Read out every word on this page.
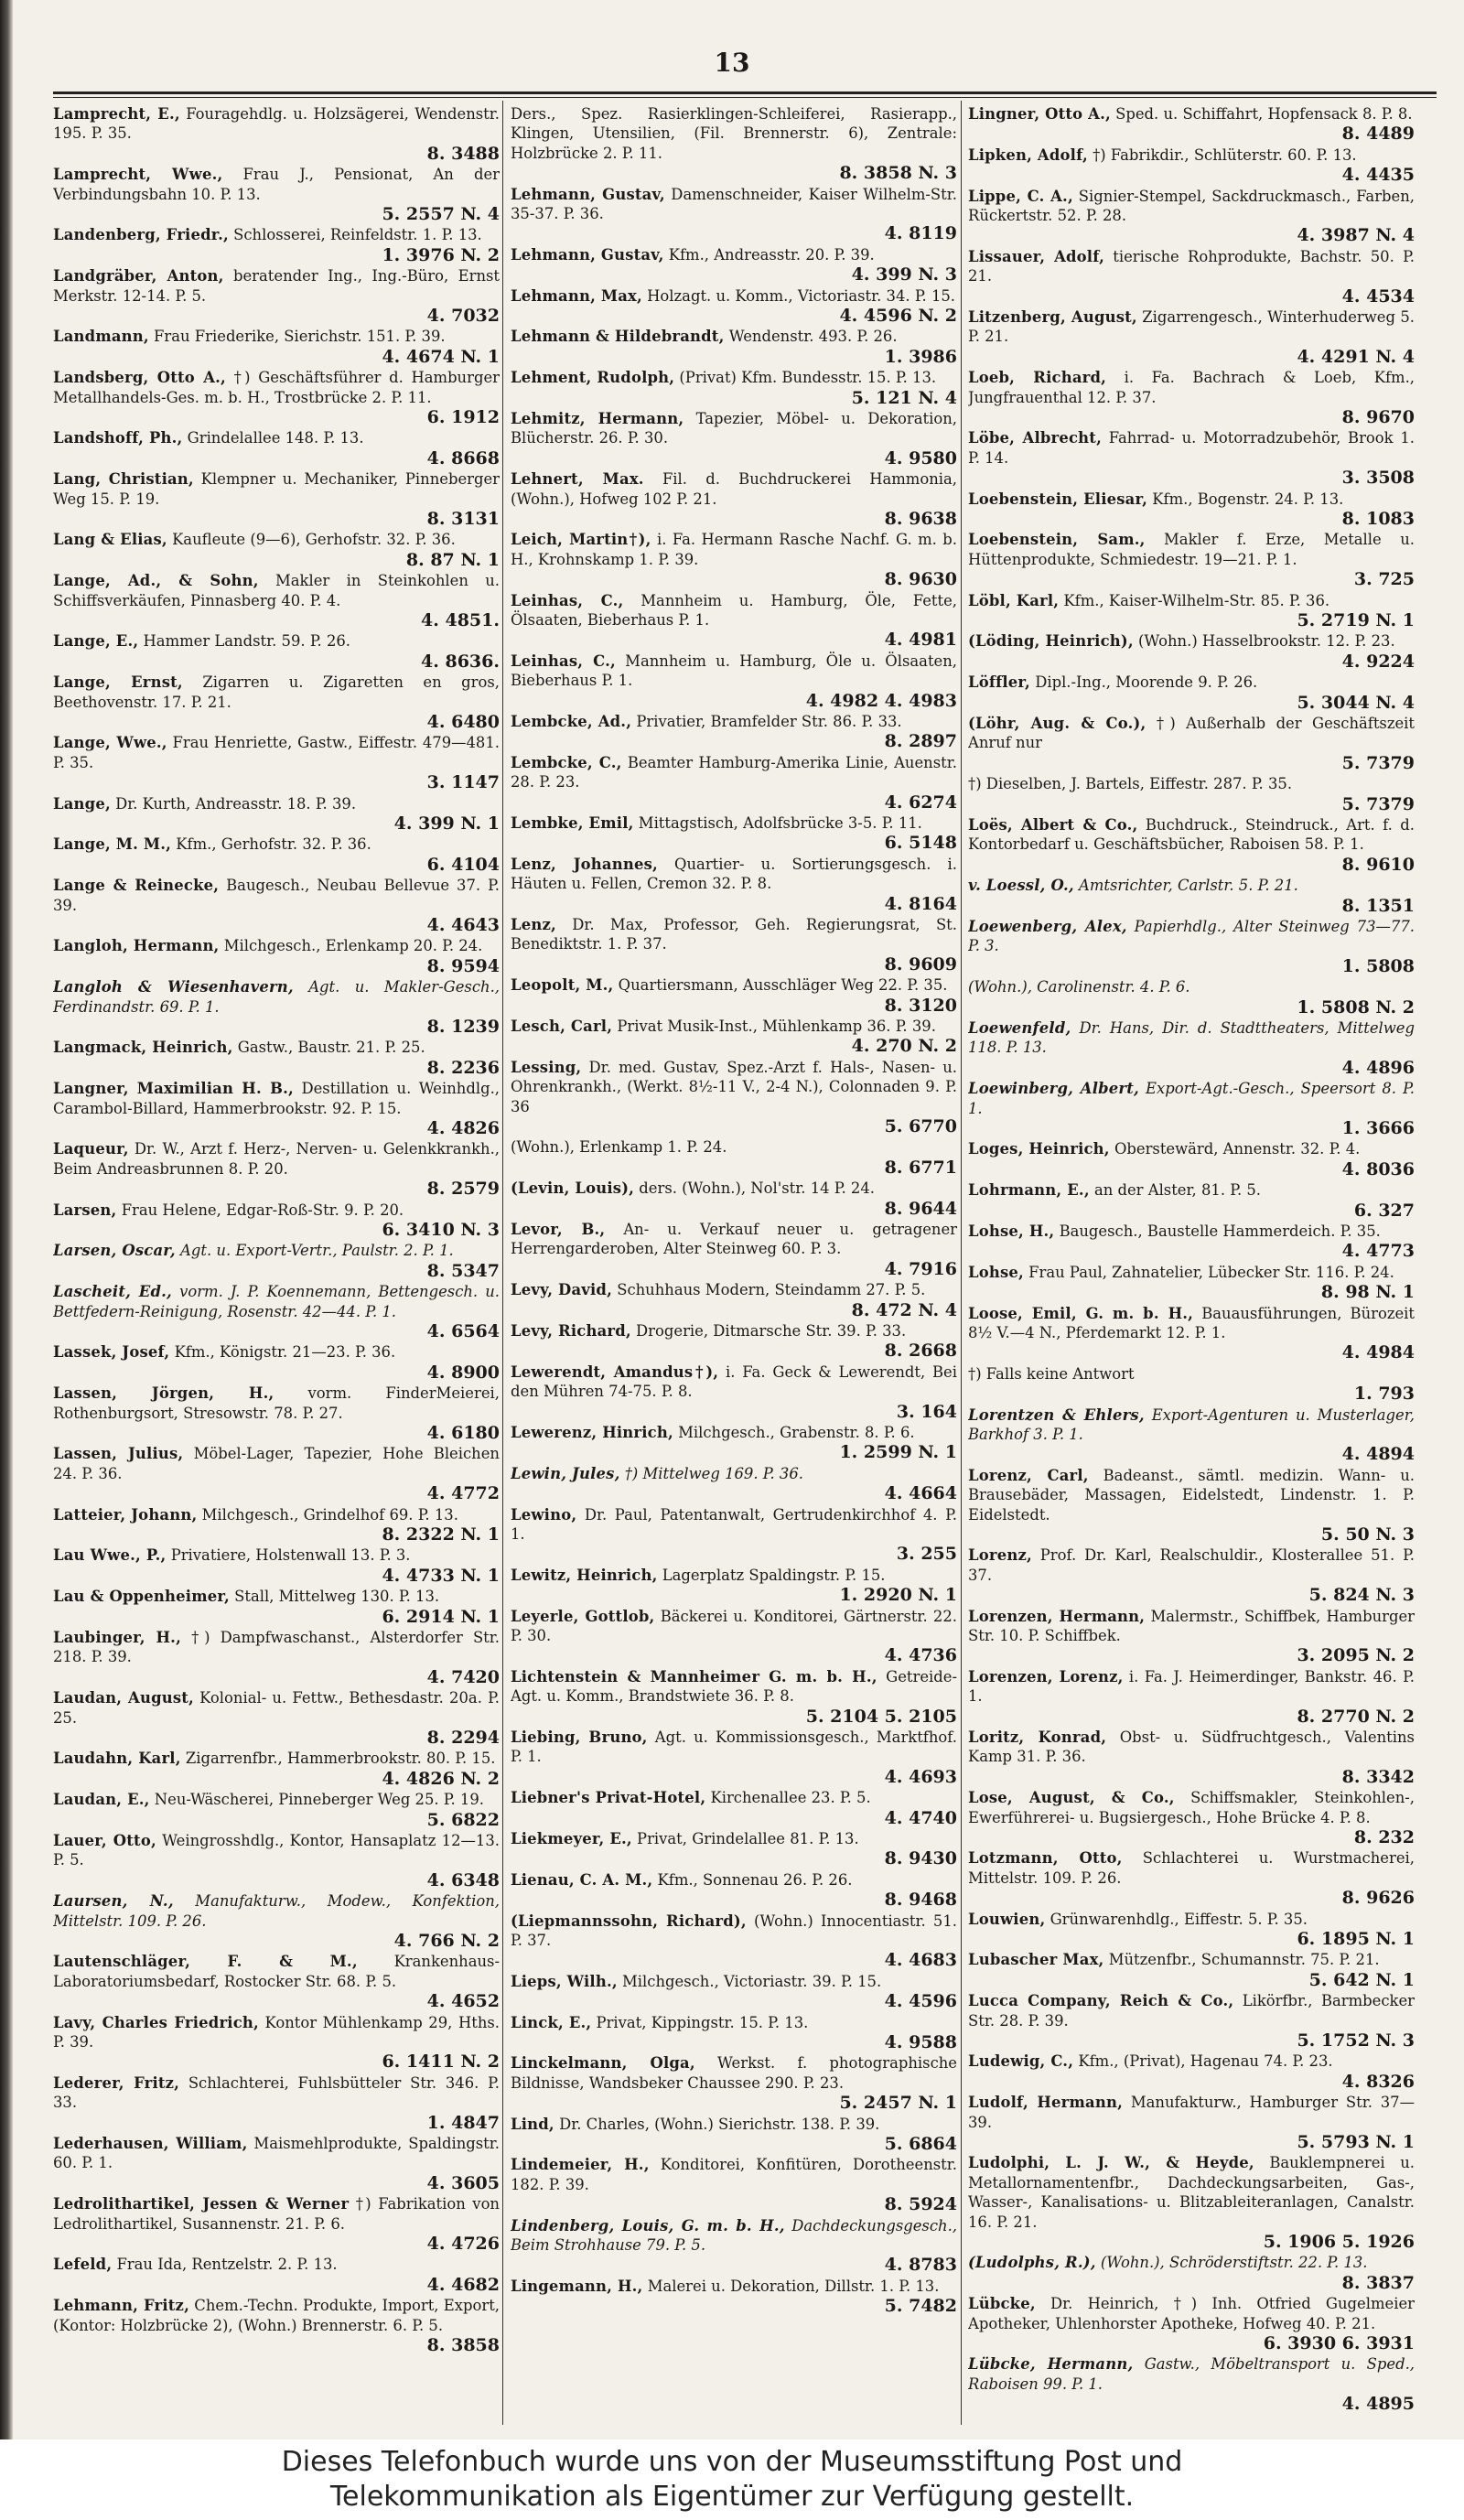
13
Lamprecht, E., Fouragehdlg. u. Holzsägerei, Wendenstr. 195. P. 35.
8. 3488
Lamprecht, Wwe., Frau J., Pensionat, An der Verbindungsbahn 10. P. 13.
5. 2557 N. 4
Landenberg, Friedr., Schlosserei, Reinfeldstr. 1. P. 13.
1. 3976 N. 2
Landgräber, Anton, beratender Ing., Ing.-Büro, Ernst Merkstr. 12-14. P. 5.
4. 7032
Landmann, Frau Friederike, Sierichstr. 151. P. 39.
4. 4674 N. 1
Landsberg, Otto A., †) Geschäftsführer d. Hamburger Metallhandels-Ges. m. b. H., Trostbrücke 2. P. 11.
6. 1912
Landshoff, Ph., Grindelallee 148. P. 13.
4. 8668
Lang, Christian, Klempner u. Mechaniker, Pinneberger Weg 15. P. 19.
8. 3131
Lang & Elias, Kaufleute (9—6), Gerhofstr. 32. P. 36.
8. 87 N. 1
Lange, Ad., & Sohn, Makler in Steinkohlen u. Schiffsverkäufen, Pinnasberg 40. P. 4.
4. 4851.
Lange, E., Hammer Landstr. 59. P. 26.
4. 8636.
Lange, Ernst, Zigarren u. Zigaretten en gros, Beethovenstr. 17. P. 21.
4. 6480
Lange, Wwe., Frau Henriette, Gastw., Eiffestr. 479—481. P. 35.
3. 1147
Lange, Dr. Kurth, Andreasstr. 18. P. 39.
4. 399 N. 1
Lange, M. M., Kfm., Gerhofstr. 32. P. 36.
6. 4104
Lange & Reinecke, Baugesch., Neubau Bellevue 37. P. 39.
4. 4643
Langloh, Hermann, Milchgesch., Erlenkamp 20. P. 24.
8. 9594
Langloh & Wiesenhavern, Agt. u. Makler-Gesch., Ferdinandstr. 69. P. 1.
8. 1239
Langmack, Heinrich, Gastw., Baustr. 21. P. 25.
8. 2236
Langner, Maximilian H. B., Destillation u. Weinhdlg., Carambol-Billard, Hammerbrookstr. 92. P. 15.
4. 4826
Laqueur, Dr. W., Arzt f. Herz-, Nerven- u. Gelenkkrankh., Beim Andreasbrunnen 8. P. 20.
8. 2579
Larsen, Frau Helene, Edgar-Roß-Str. 9. P. 20.
6. 3410 N. 3
Larsen, Oscar, Agt. u. Export-Vertr., Paulstr. 2. P. 1.
8. 5347
Lascheit, Ed., vorm. J. P. Koennemann, Bettengesch. u. Bettfedern-Reinigung, Rosenstr. 42—44. P. 1.
4. 6564
Lassek, Josef, Kfm., Königstr. 21—23. P. 36.
4. 8900
Lassen, Jörgen, H., vorm. FinderMeierei, Rothenburgsort, Stresowstr. 78. P. 27.
4. 6180
Lassen, Julius, Möbel-Lager, Tapezier, Hohe Bleichen 24. P. 36.
4. 4772
Latteier, Johann, Milchgesch., Grindelhof 69. P. 13.
8. 2322 N. 1
Lau Wwe., P., Privatiere, Holstenwall 13. P. 3.
4. 4733 N. 1
Lau & Oppenheimer, Stall, Mittelweg 130. P. 13.
6. 2914 N. 1
Laubinger, H., †) Dampfwaschanst., Alsterdorfer Str. 218. P. 39.
4. 7420
Laudan, August, Kolonial- u. Fettw., Bethesdastr. 20a. P. 25.
8. 2294
Laudahn, Karl, Zigarrenfbr., Hammerbrookstr. 80. P. 15.
4. 4826 N. 2
Laudan, E., Neu-Wäscherei, Pinneberger Weg 25. P. 19.
5. 6822
Lauer, Otto, Weingrosshdlg., Kontor, Hansaplatz 12—13. P. 5.
4. 6348
Laursen, N., Manufakturw., Modew., Konfektion, Mittelstr. 109. P. 26.
4. 766 N. 2
Lautenschläger, F. & M., Krankenhaus-Laboratoriumsbedarf, Rostocker Str. 68. P. 5.
4. 4652
Lavy, Charles Friedrich, Kontor Mühlenkamp 29, Hths. P. 39.
6. 1411 N. 2
Lederer, Fritz, Schlachterei, Fuhlsbütteler Str. 346. P. 33.
1. 4847
Lederhausen, William, Maismehlprodukte, Spaldingstr. 60. P. 1.
4. 3605
Ledrolithartikel, Jessen & Werner †) Fabrikation von Ledrolithartikel, Susannenstr. 21. P. 6.
4. 4726
Lefeld, Frau Ida, Rentzelstr. 2. P. 13.
4. 4682
Lehmann, Fritz, Chem.-Techn. Produkte, Import, Export, (Kontor: Holzbrücke 2), (Wohn.) Brennerstr. 6. P. 5.
8. 3858
Ders., Spez. Rasierklingen-Schleiferei, Rasierapp., Klingen, Utensilien, (Fil. Brennerstr. 6), Zentrale: Holzbrücke 2. P. 11.
8. 3858 N. 3
Lehmann, Gustav, Damenschneider, Kaiser Wilhelm-Str. 35-37. P. 36.
4. 8119
Lehmann, Gustav, Kfm., Andreasstr. 20. P. 39.
4. 399 N. 3
Lehmann, Max, Holzagt. u. Komm., Victoriastr. 34. P. 15.
4. 4596 N. 2
Lehmann & Hildebrandt, Wendenstr. 493. P. 26.
1. 3986
Lehment, Rudolph, (Privat) Kfm. Bundesstr. 15. P. 13.
5. 121 N. 4
Lehmitz, Hermann, Tapezier, Möbel- u. Dekoration, Blücherstr. 26. P. 30.
4. 9580
Lehnert, Max. Fil. d. Buchdruckerei Hammonia, (Wohn.), Hofweg 102 P. 21.
8. 9638
Leich, Martin†), i. Fa. Hermann Rasche Nachf. G. m. b. H., Krohnskamp 1. P. 39.
8. 9630
Leinhas, C., Mannheim u. Hamburg, Öle, Fette, Ölsaaten, Bieberhaus P. 1.
4. 4981
Leinhas, C., Mannheim u. Hamburg, Öle u. Ölsaaten, Bieberhaus P. 1.
4. 4982 4. 4983
Lembcke, Ad., Privatier, Bramfelder Str. 86. P. 33.
8. 2897
Lembcke, C., Beamter Hamburg-Amerika Linie, Auenstr. 28. P. 23.
4. 6274
Lembke, Emil, Mittagstisch, Adolfsbrücke 3-5. P. 11.
6. 5148
Lenz, Johannes, Quartier- u. Sortierungsgesch. i. Häuten u. Fellen, Cremon 32. P. 8.
4. 8164
Lenz, Dr. Max, Professor, Geh. Regierungsrat, St. Benediktstr. 1. P. 37.
8. 9609
Leopolt, M., Quartiersmann, Ausschläger Weg 22. P. 35.
8. 3120
Lesch, Carl, Privat Musik-Inst., Mühlenkamp 36. P. 39.
4. 270 N. 2
Lessing, Dr. med. Gustav, Spez.-Arzt f. Hals-, Nasen- u. Ohrenkrankh., (Werkt. 8½-11 V., 2-4 N.), Colonnaden 9. P. 36
5. 6770
(Wohn.), Erlenkamp 1. P. 24.
8. 6771
(Levin, Louis), ders. (Wohn.), Nol'str. 14 P. 24.
8. 9644
Levor, B., An- u. Verkauf neuer u. getragener Herrengarderoben, Alter Steinweg 60. P. 3.
4. 7916
Levy, David, Schuhhaus Modern, Steindamm 27. P. 5.
8. 472 N. 4
Levy, Richard, Drogerie, Ditmarsche Str. 39. P. 33.
8. 2668
Lewerendt, Amandus†), i. Fa. Geck & Lewerendt, Bei den Mühren 74-75. P. 8.
3. 164
Lewerenz, Hinrich, Milchgesch., Grabenstr. 8. P. 6.
1. 2599 N. 1
Lewin, Jules, †) Mittelweg 169. P. 36.
4. 4664
Lewino, Dr. Paul, Patentanwalt, Gertrudenkirchhof 4. P. 1.
3. 255
Lewitz, Heinrich, Lagerplatz Spaldingstr. P. 15.
1. 2920 N. 1
Leyerle, Gottlob, Bäckerei u. Konditorei, Gärtnerstr. 22. P. 30.
4. 4736
Lichtenstein & Mannheimer G. m. b. H., Getreide-Agt. u. Komm., Brandstwiete 36. P. 8.
5. 2104 5. 2105
Liebing, Bruno, Agt. u. Kommissionsgesch., Marktfhof. P. 1.
4. 4693
Liebner's Privat-Hotel, Kirchenallee 23. P. 5.
4. 4740
Liekmeyer, E., Privat, Grindelallee 81. P. 13.
8. 9430
Lienau, C. A. M., Kfm., Sonnenau 26. P. 26.
8. 9468
(Liepmannssohn, Richard), (Wohn.) Innocentiastr. 51. P. 37.
4. 4683
Lieps, Wilh., Milchgesch., Victoriastr. 39. P. 15.
4. 4596
Linck, E., Privat, Kippingstr. 15. P. 13.
4. 9588
Linckelmann, Olga, Werkst. f. photographische Bildnisse, Wandsbeker Chaussee 290. P. 23.
5. 2457 N. 1
Lind, Dr. Charles, (Wohn.) Sierichstr. 138. P. 39.
5. 6864
Lindemeier, H., Konditorei, Konfitüren, Dorotheenstr. 182. P. 39.
8. 5924
Lindenberg, Louis, G. m. b. H., Dachdeckungsgesch., Beim Strohhause 79. P. 5.
4. 8783
Lingemann, H., Malerei u. Dekoration, Dillstr. 1. P. 13.
5. 7482
Lingner, Otto A., Sped. u. Schiffahrt, Hopfensack 8. P. 8.
8. 4489
Lipken, Adolf, †) Fabrikdir., Schlüterstr. 60. P. 13.
4. 4435
Lippe, C. A., Signier-Stempel, Sackdruckmasch., Farben, Rückertstr. 52. P. 28.
4. 3987 N. 4
Lissauer, Adolf, tierische Rohprodukte, Bachstr. 50. P. 21.
4. 4534
Litzenberg, August, Zigarrengesch., Winterhuderweg 5. P. 21.
4. 4291 N. 4
Loeb, Richard, i. Fa. Bachrach & Loeb, Kfm., Jungfrauenthal 12. P. 37.
8. 9670
Löbe, Albrecht, Fahrrad- u. Motorradzubehör, Brook 1. P. 14.
3. 3508
Loebenstein, Eliesar, Kfm., Bogenstr. 24. P. 13.
8. 1083
Loebenstein, Sam., Makler f. Erze, Metalle u. Hüttenprodukte, Schmiedestr. 19—21. P. 1.
3. 725
Löbl, Karl, Kfm., Kaiser-Wilhelm-Str. 85. P. 36.
5. 2719 N. 1
(Löding, Heinrich), (Wohn.) Hasselbrookstr. 12. P. 23.
4. 9224
Löffler, Dipl.-Ing., Moorende 9. P. 26.
5. 3044 N. 4
(Löhr, Aug. & Co.), †) Außerhalb der Geschäftszeit Anruf nur
5. 7379
†) Dieselben, J. Bartels, Eiffestr. 287. P. 35.
5. 7379
Loës, Albert & Co., Buchdruck., Steindruck., Art. f. d. Kontorbedarf u. Geschäftsbücher, Raboisen 58. P. 1.
8. 9610
v. Loessl, O., Amtsrichter, Carlstr. 5. P. 21.
8. 1351
Loewenberg, Alex, Papierhdlg., Alter Steinweg 73—77. P. 3.
1. 5808
(Wohn.), Carolinenstr. 4. P. 6.
1. 5808 N. 2
Loewenfeld, Dr. Hans, Dir. d. Stadttheaters, Mittelweg 118. P. 13.
4. 4896
Loewinberg, Albert, Export-Agt.-Gesch., Speersort 8. P. 1.
1. 3666
Loges, Heinrich, Oberstewärd, Annenstr. 32. P. 4.
4. 8036
Lohrmann, E., an der Alster, 81. P. 5.
6. 327
Lohse, H., Baugesch., Baustelle Hammerdeich. P. 35.
4. 4773
Lohse, Frau Paul, Zahnatelier, Lübecker Str. 116. P. 24.
8. 98 N. 1
Loose, Emil, G. m. b. H., Bauausführungen, Bürozeit 8½ V.—4 N., Pferdemarkt 12. P. 1.
4. 4984
†) Falls keine Antwort
1. 793
Lorentzen & Ehlers, Export-Agenturen u. Musterlager, Barkhof 3. P. 1.
4. 4894
Lorenz, Carl, Badeanst., sämtl. medizin. Wann- u. Brausebäder, Massagen, Eidelstedt, Lindenstr. 1. P. Eidelstedt.
5. 50 N. 3
Lorenz, Prof. Dr. Karl, Realschuldir., Klosterallee 51. P. 37.
5. 824 N. 3
Lorenzen, Hermann, Malermstr., Schiffbek, Hamburger Str. 10. P. Schiffbek.
3. 2095 N. 2
Lorenzen, Lorenz, i. Fa. J. Heimerdinger, Bankstr. 46. P. 1.
8. 2770 N. 2
Loritz, Konrad, Obst- u. Südfruchtgesch., Valentins Kamp 31. P. 36.
8. 3342
Lose, August, & Co., Schiffsmakler, Steinkohlen-, Ewerführerei- u. Bugsiergesch., Hohe Brücke 4. P. 8.
8. 232
Lotzmann, Otto, Schlachterei u. Wurstmacherei, Mittelstr. 109. P. 26.
8. 9626
Louwien, Grünwarenhdlg., Eiffestr. 5. P. 35.
6. 1895 N. 1
Lubascher Max, Mützenfbr., Schumannstr. 75. P. 21.
5. 642 N. 1
Lucca Company, Reich & Co., Likörfbr., Barmbecker Str. 28. P. 39.
5. 1752 N. 3
Ludewig, C., Kfm., (Privat), Hagenau 74. P. 23.
4. 8326
Ludolf, Hermann, Manufakturw., Hamburger Str. 37—39.
5. 5793 N. 1
Ludolphi, L. J. W., & Heyde, Bauklempnerei u. Metallornamentenfbr., Dachdeckungsarbeiten, Gas-, Wasser-, Kanalisations- u. Blitzableiteranlagen, Canalstr. 16. P. 21.
5. 1906 5. 1926
(Ludolphs, R.), (Wohn.), Schröderstiftstr. 22. P. 13.
8. 3837
Lübcke, Dr. Heinrich, †) Inh. Otfried Gugelmeier Apotheker, Uhlenhorster Apotheke, Hofweg 40. P. 21.
6. 3930 6. 3931
Lübcke, Hermann, Gastw., Möbeltransport u. Sped., Raboisen 99. P. 1.
4. 4895
Dieses Telefonbuch wurde uns von der Museumsstiftung Post und
Telekommunikation als Eigentümer zur Verfügung gestellt.
